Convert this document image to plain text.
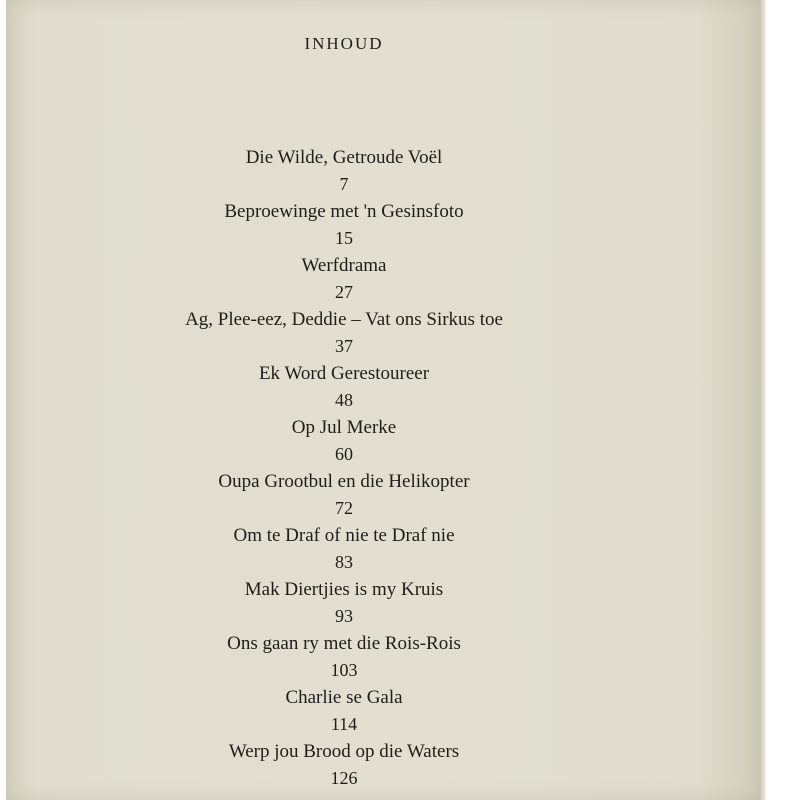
INHOUD
Die Wilde, Getroude Voël
7
Beproewinge met 'n Gesinsfoto
15
Werfdrama
27
Ag, Plee-eez, Deddie – Vat ons Sirkus toe
37
Ek Word Gerestoureer
48
Op Jul Merke
60
Oupa Grootbul en die Helikopter
72
Om te Draf of nie te Draf nie
83
Mak Diertjies is my Kruis
93
Ons gaan ry met die Rois-Rois
103
Charlie se Gala
114
Werp jou Brood op die Waters
126
